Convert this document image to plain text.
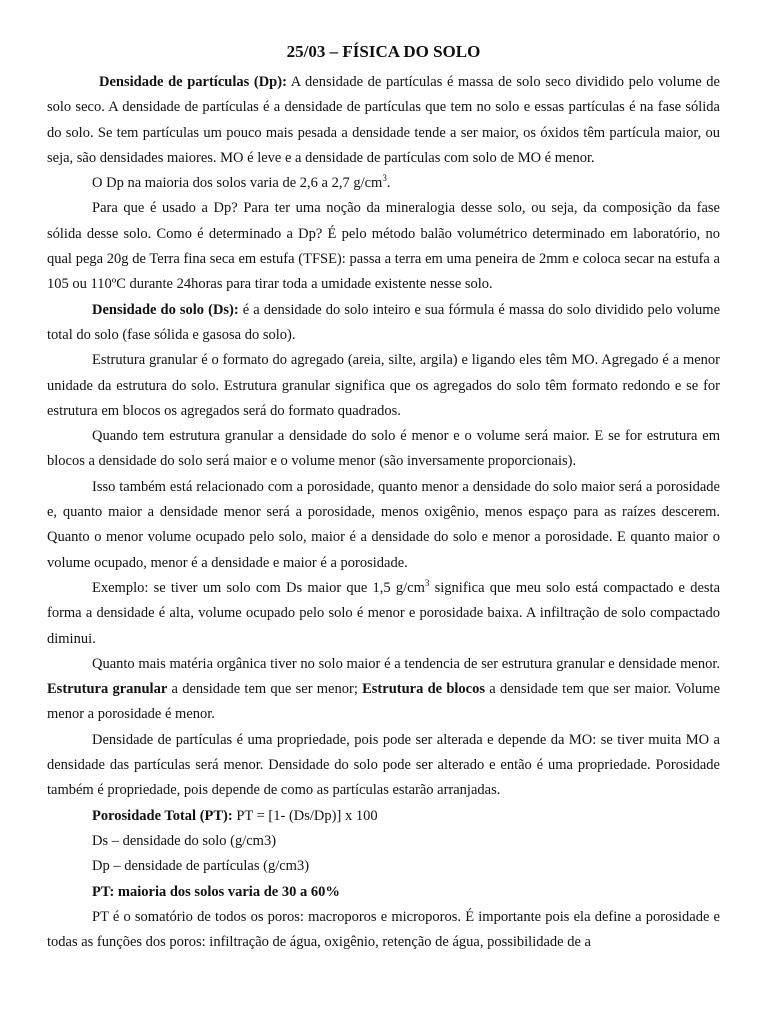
25/03 – FÍSICA DO SOLO

Densidade de partículas (Dp): A densidade de partículas é massa de solo seco dividido pelo volume de solo seco. A densidade de partículas é a densidade de partículas que tem no solo e essas partículas é na fase sólida do solo. Se tem partículas um pouco mais pesada a densidade tende a ser maior, os óxidos têm partícula maior, ou seja, são densidades maiores. MO é leve e a densidade de partículas com solo de MO é menor.

O Dp na maioria dos solos varia de 2,6 a 2,7 $g/cm^3$.

Para que é usado a Dp? Para ter uma noção da mineralogia desse solo, ou seja, da composição da fase sólida desse solo. Como é determinado a Dp? É pelo método balão volumétrico determinado em laboratório, no qual pega 20g de Terra fina seca em estufa (TFSE): passa a terra em uma peneira de 2mm e coloca secar na estufa a 105 ou 110ºC durante 24horas para tirar toda a umidade existente nesse solo.

Densidade do solo (Ds): é a densidade do solo inteiro e sua fórmula é massa do solo dividido pelo volume total do solo (fase sólida e gasosa do solo).

Estrutura granular é o formato do agregado (areia, silte, argila) e ligando eles têm MO. Agregado é a menor unidade da estrutura do solo. Estrutura granular significa que os agregados do solo têm formato redondo e se for estrutura em blocos os agregados será do formato quadrados.

Quando tem estrutura granular a densidade do solo é menor e o volume será maior. E se for estrutura em blocos a densidade do solo será maior e o volume menor (são inversamente proporcionais).

Isso também está relacionado com a porosidade, quanto menor a densidade do solo maior será a porosidade e, quanto maior a densidade menor será a porosidade, menos oxigênio, menos espaço para as raízes descerem. Quanto o menor volume ocupado pelo solo, maior é a densidade do solo e menor a porosidade. E quanto maior o volume ocupado, menor é a densidade e maior é a porosidade.

Exemplo: se tiver um solo com Ds maior que 1,5 $g/cm^3$ significa que meu solo está compactado e desta forma a densidade é alta, volume ocupado pelo solo é menor e porosidade baixa. A infiltração de solo compactado diminui.

Quanto mais matéria orgânica tiver no solo maior é a tendencia de ser estrutura granular e densidade menor. Estrutura granular a densidade tem que ser menor; Estrutura de blocos a densidade tem que ser maior. Volume menor a porosidade é menor.

Densidade de partículas é uma propriedade, pois pode ser alterada e depende da MO: se tiver muita MO a densidade das partículas será menor. Densidade do solo pode ser alterado e então é uma propriedade. Porosidade também é propriedade, pois depende de como as partículas estarão arranjadas.

Porosidade Total (PT): PT = [1- (Ds/Dp)] x 100

Ds – densidade do solo (g/cm3)

Dp – densidade de partículas (g/cm3)

PT: maioria dos solos varia de 30 a 60%

PT é o somatório de todos os poros: macroporos e microporos. É importante pois ela define a porosidade e todas as funções dos poros: infiltração de água, oxigênio, retenção de água, possibilidade de a
